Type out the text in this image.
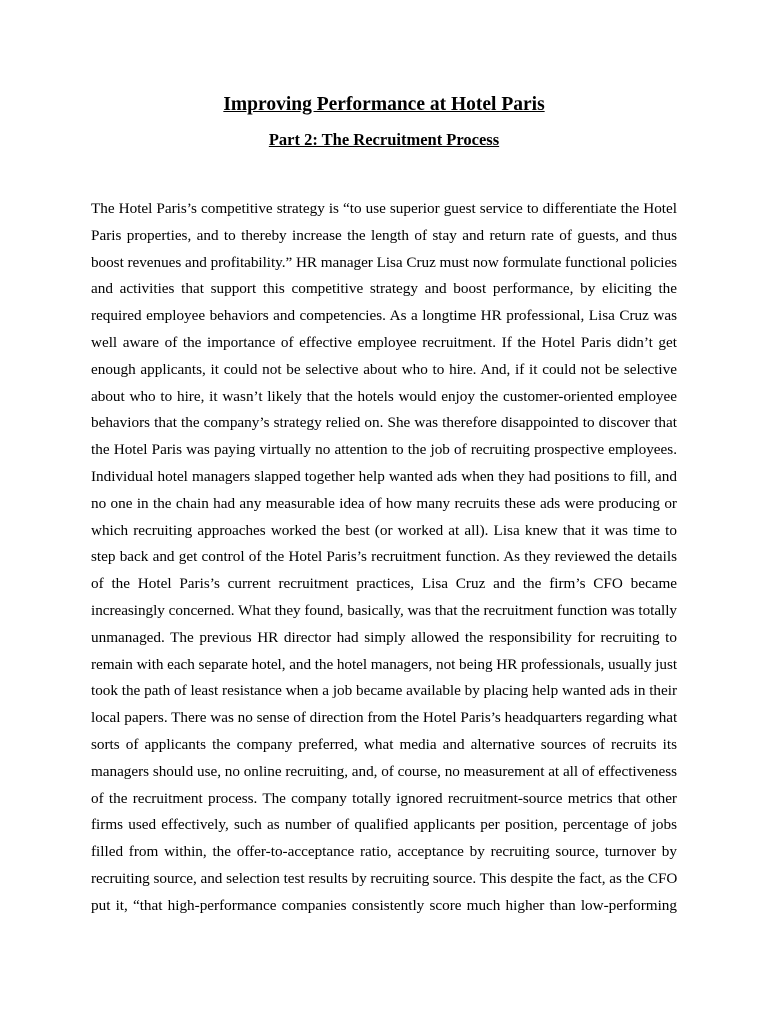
Improving Performance at Hotel Paris
Part 2: The Recruitment Process
The Hotel Paris’s competitive strategy is “to use superior guest service to differentiate the Hotel
Paris properties, and to thereby increase the length of stay and return rate of guests, and thus
boost revenues and profitability.” HR manager Lisa Cruz must now formulate functional policies
and activities that support this competitive strategy and boost performance, by eliciting the
required employee behaviors and competencies. As a longtime HR professional, Lisa Cruz was
well aware of the importance of effective employee recruitment. If the Hotel Paris didn’t get
enough applicants, it could not be selective about who to hire. And, if it could not be selective
about who to hire, it wasn’t likely that the hotels would enjoy the customer-oriented employee
behaviors that the company’s strategy relied on. She was therefore disappointed to discover that
the Hotel Paris was paying virtually no attention to the job of recruiting prospective employees.
Individual hotel managers slapped together help wanted ads when they had positions to fill, and
no one in the chain had any measurable idea of how many recruits these ads were producing or
which recruiting approaches worked the best (or worked at all). Lisa knew that it was time to
step back and get control of the Hotel Paris’s recruitment function. As they reviewed the details
of the Hotel Paris’s current recruitment practices, Lisa Cruz and the firm’s CFO became
increasingly concerned. What they found, basically, was that the recruitment function was totally
unmanaged. The previous HR director had simply allowed the responsibility for recruiting to
remain with each separate hotel, and the hotel managers, not being HR professionals, usually just
took the path of least resistance when a job became available by placing help wanted ads in their
local papers. There was no sense of direction from the Hotel Paris’s headquarters regarding what
sorts of applicants the company preferred, what media and alternative sources of recruits its
managers should use, no online recruiting, and, of course, no measurement at all of effectiveness
of the recruitment process. The company totally ignored recruitment-source metrics that other
firms used effectively, such as number of qualified applicants per position, percentage of jobs
filled from within, the offer-to-acceptance ratio, acceptance by recruiting source, turnover by
recruiting source, and selection test results by recruiting source. This despite the fact, as the CFO
put it, “that high-performance companies consistently score much higher than low-performing
